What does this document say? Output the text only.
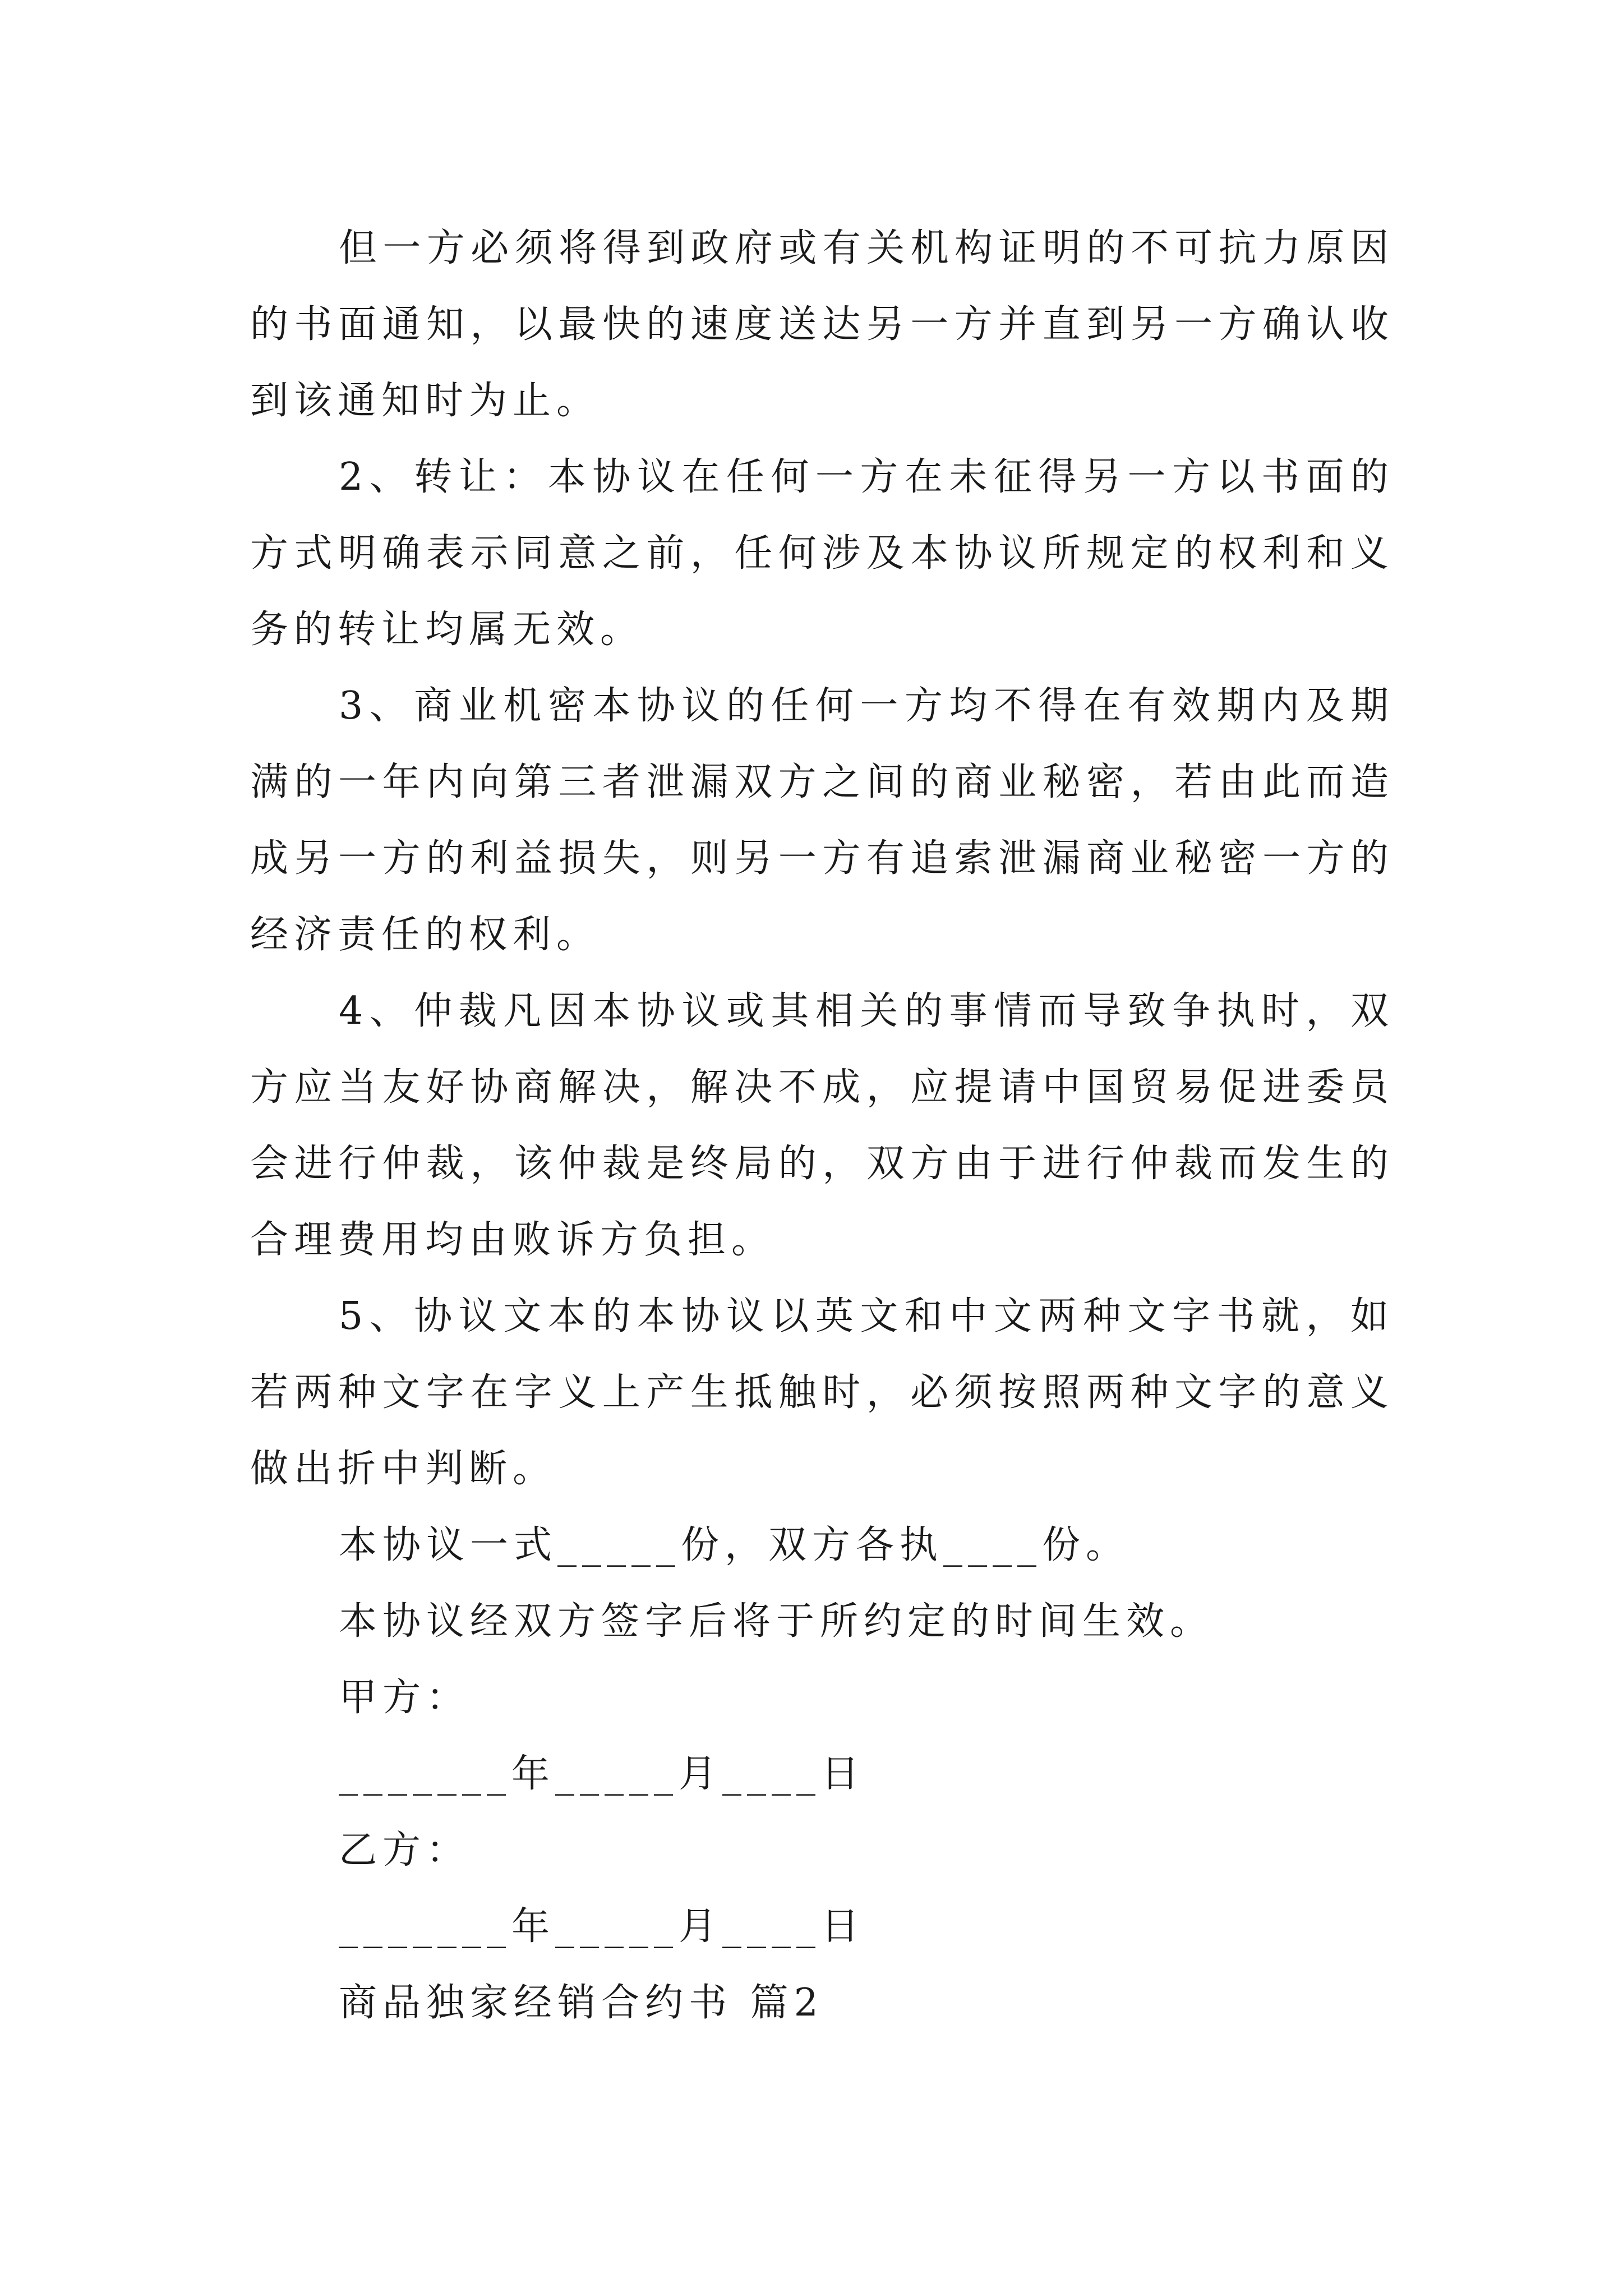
但一方必须将得到政府或有关机构证明的不可抗力原因的书面通知，以最快的速度送达另一方并直到另一方确认收到该通知时为止。

2、转让：本协议在任何一方在未征得另一方以书面的方式明确表示同意之前，任何涉及本协议所规定的权利和义务的转让均属无效。

3、商业机密本协议的任何一方均不得在有效期内及期满的一年内向第三者泄漏双方之间的商业秘密，若由此而造成另一方的利益损失，则另一方有追索泄漏商业秘密一方的经济责任的权利。

4、仲裁凡因本协议或其相关的事情而导致争执时，双方应当友好协商解决，解决不成，应提请中国贸易促进委员会进行仲裁，该仲裁是终局的，双方由于进行仲裁而发生的合理费用均由败诉方负担。

5、协议文本的本协议以英文和中文两种文字书就，如若两种文字在字义上产生抵触时，必须按照两种文字的意义做出折中判断。

本协议一式_____份，双方各执____份。
本协议经双方签字后将于所约定的时间生效。
甲方：
_______年_____月____日
乙方：
_______年_____月____日
商品独家经销合约书 篇2
